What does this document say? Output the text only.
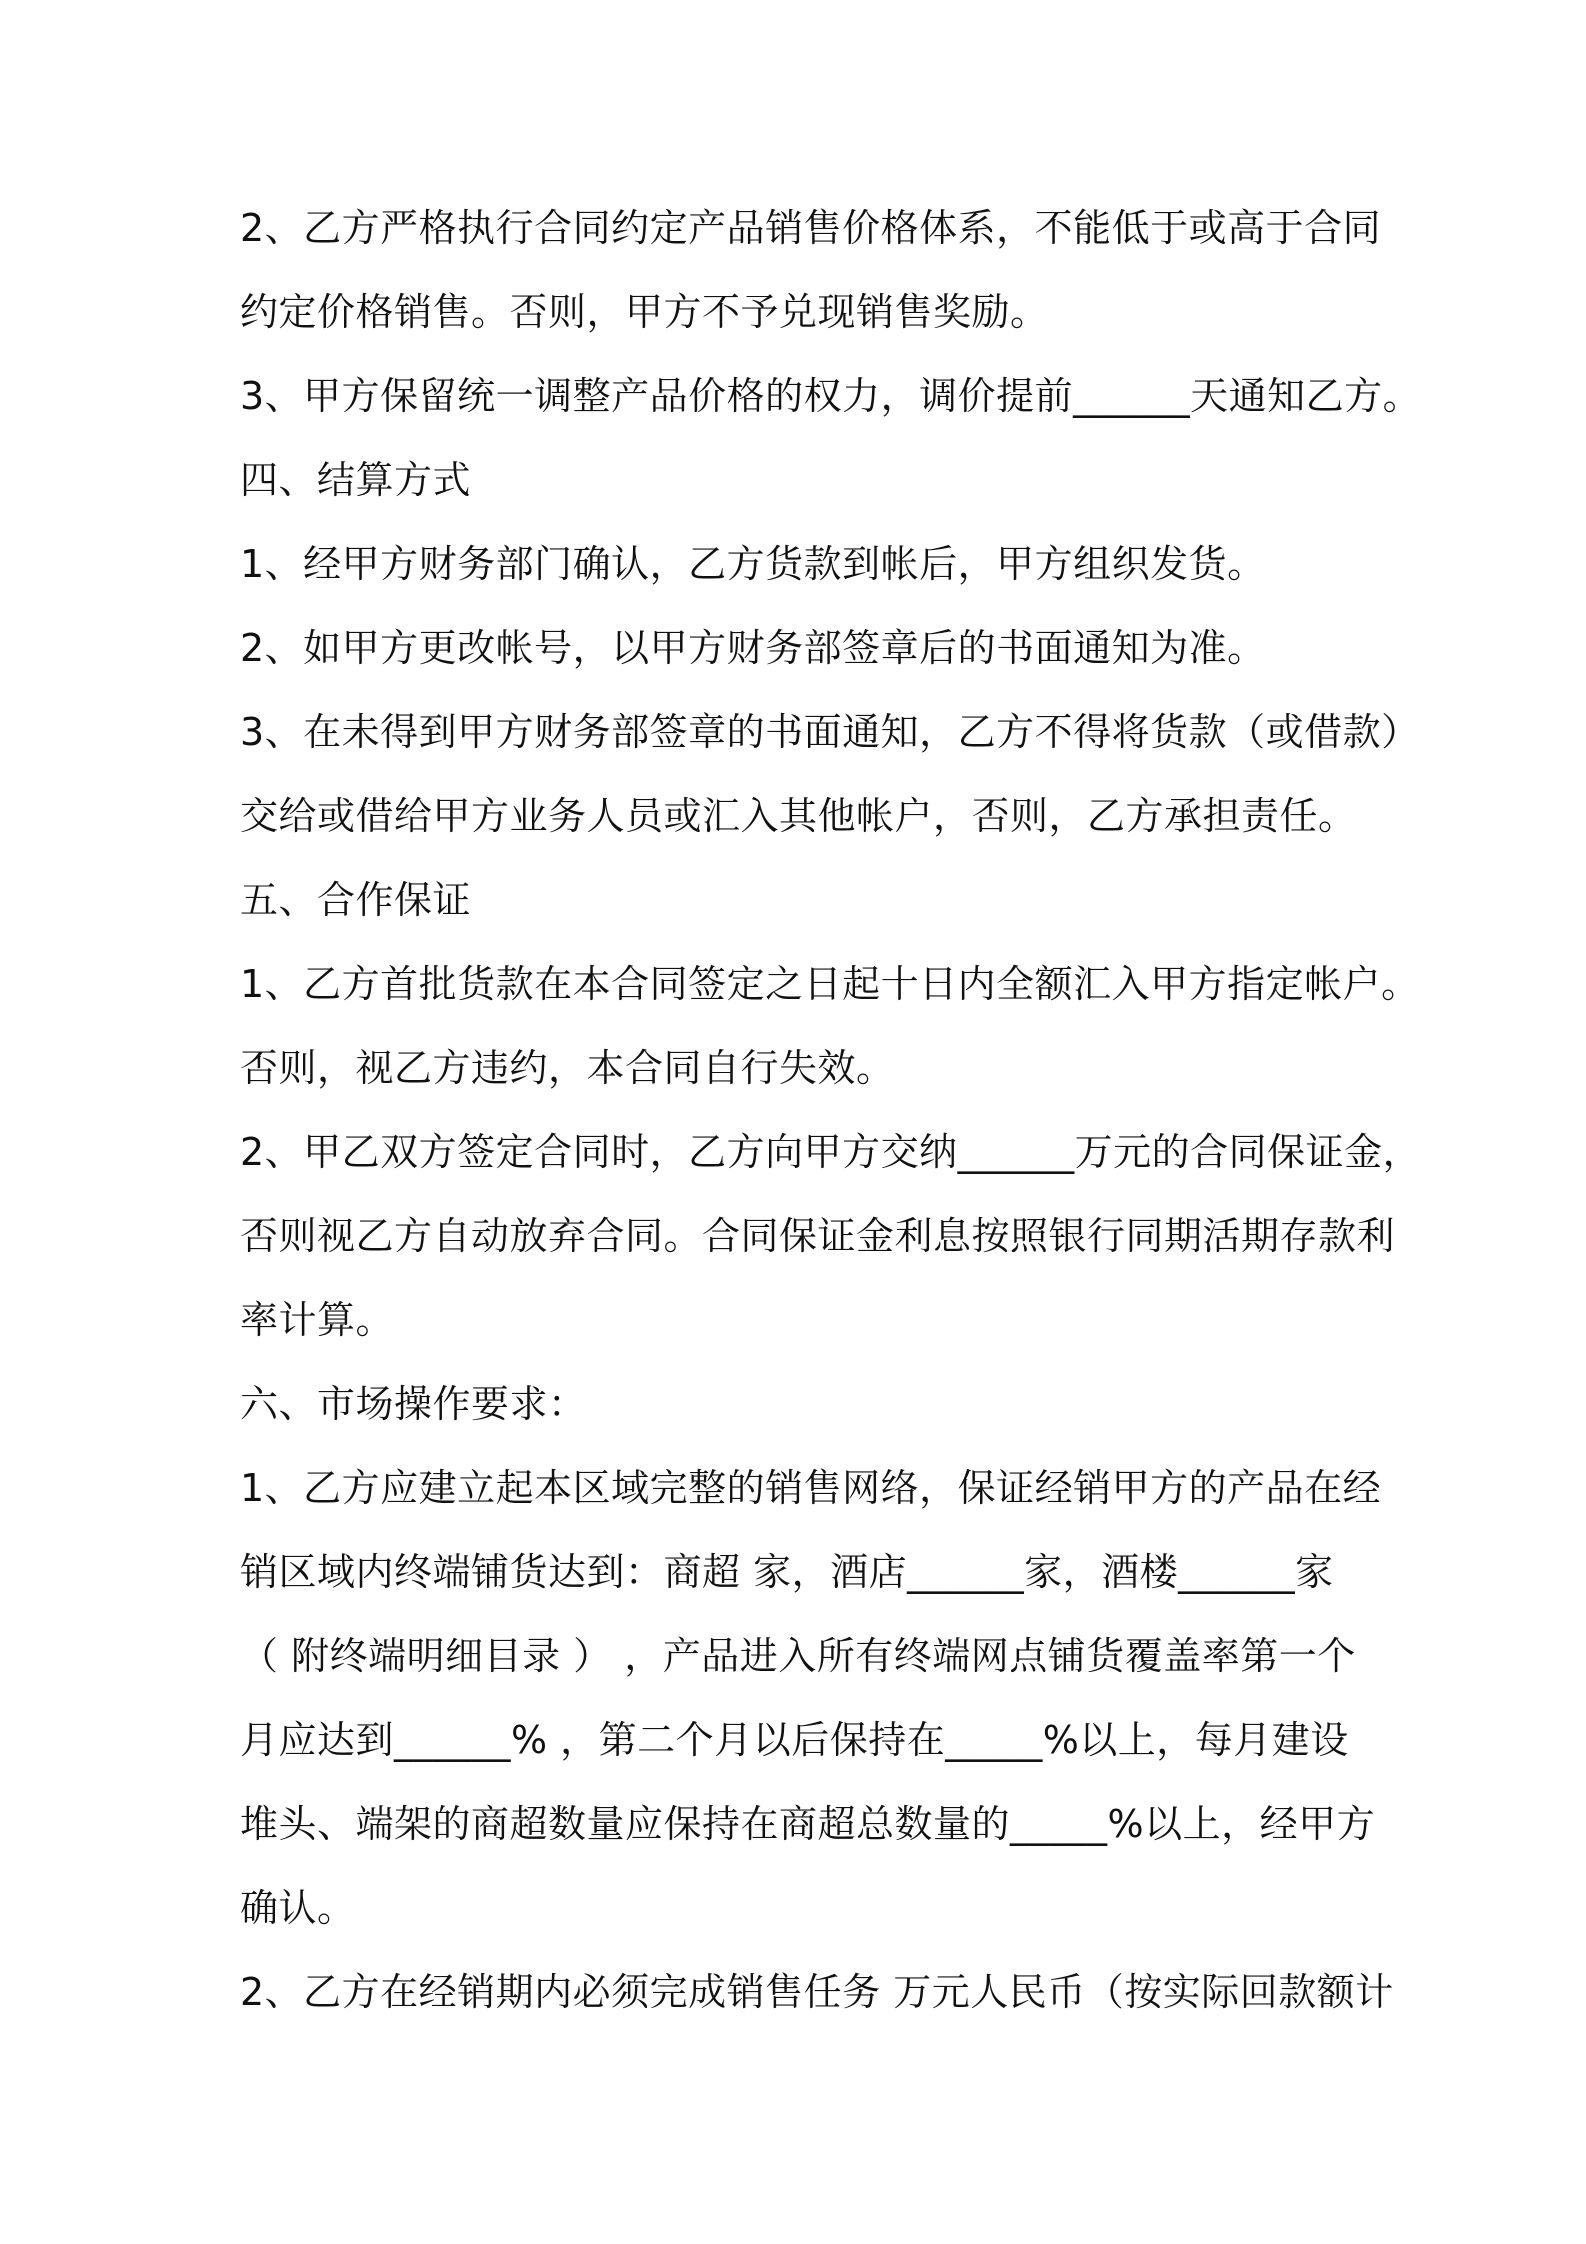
2、乙方严格执行合同约定产品销售价格体系，不能低于或高于合同
约定价格销售。否则，甲方不予兑现销售奖励。
3、甲方保留统一调整产品价格的权力，调价提前______天通知乙方。
四、结算方式
1、经甲方财务部门确认，乙方货款到帐后，甲方组织发货。
2、如甲方更改帐号，以甲方财务部签章后的书面通知为准。
3、在未得到甲方财务部签章的书面通知，乙方不得将货款（或借款）
交给或借给甲方业务人员或汇入其他帐户，否则，乙方承担责任。
五、合作保证
1、乙方首批货款在本合同签定之日起十日内全额汇入甲方指定帐户。
否则，视乙方违约，本合同自行失效。
2、甲乙双方签定合同时，乙方向甲方交纳______万元的合同保证金，
否则视乙方自动放弃合同。合同保证金利息按照银行同期活期存款利
率计算。
六、市场操作要求：
1、乙方应建立起本区域完整的销售网络，保证经销甲方的产品在经
销区域内终端铺货达到：商超 家，酒店______家，酒楼______家
（ 附终端明细目录 ） ，产品进入所有终端网点铺货覆盖率第一个
月应达到______% ，第二个月以后保持在_____%以上，每月建设
堆头、端架的商超数量应保持在商超总数量的_____%以上，经甲方
确认。
2、乙方在经销期内必须完成销售任务 万元人民币（按实际回款额计
